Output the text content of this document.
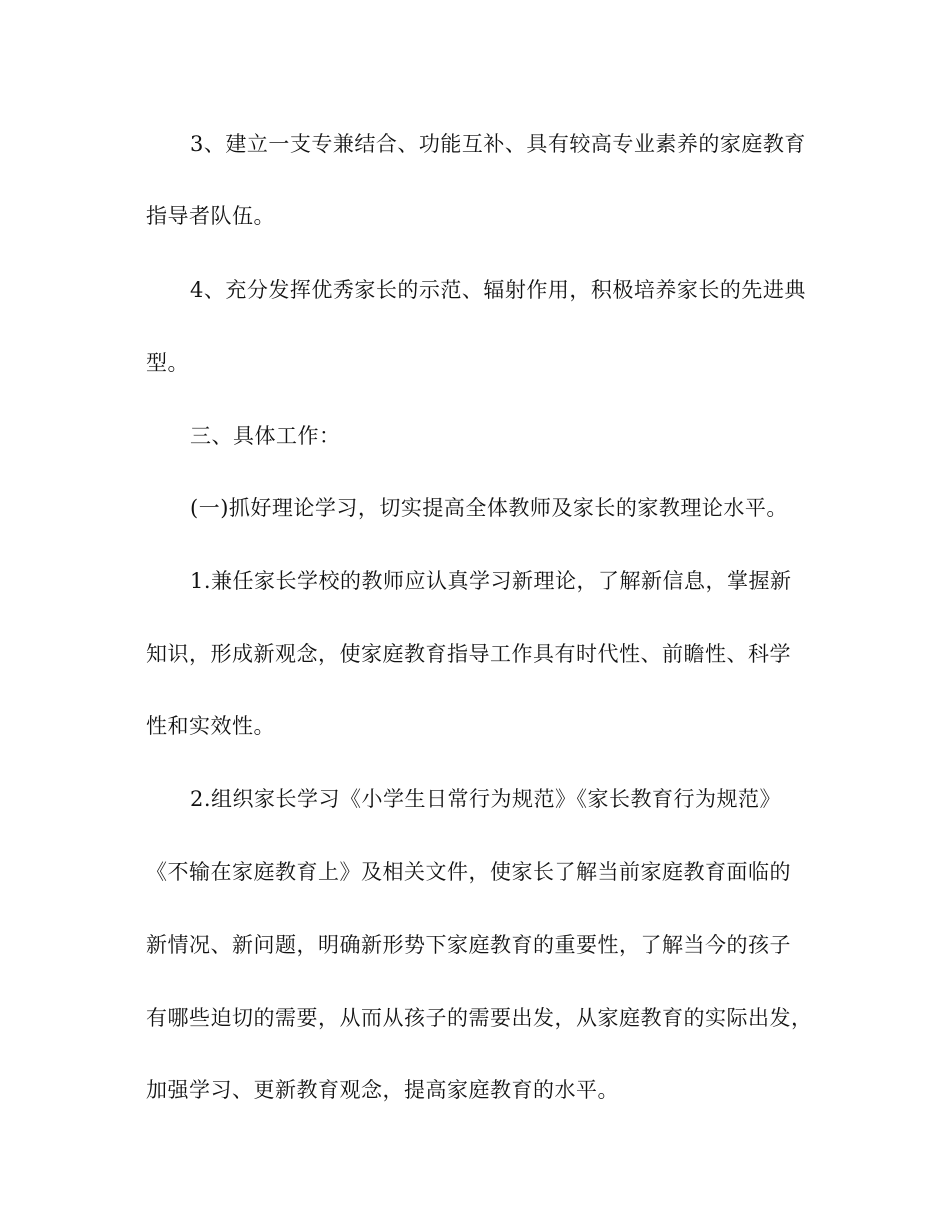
3、建立一支专兼结合、功能互补、具有较高专业素养的家庭教育
指导者队伍。
4、充分发挥优秀家长的示范、辐射作用，积极培养家长的先进典
型。
三、具体工作：
(一)抓好理论学习，切实提高全体教师及家长的家教理论水平。
1.兼任家长学校的教师应认真学习新理论，了解新信息，掌握新
知识，形成新观念，使家庭教育指导工作具有时代性、前瞻性、科学
性和实效性。
2.组织家长学习《小学生日常行为规范》《家长教育行为规范》
《不输在家庭教育上》及相关文件，使家长了解当前家庭教育面临的
新情况、新问题，明确新形势下家庭教育的重要性，了解当今的孩子
有哪些迫切的需要，从而从孩子的需要出发，从家庭教育的实际出发，
加强学习、更新教育观念，提高家庭教育的水平。
